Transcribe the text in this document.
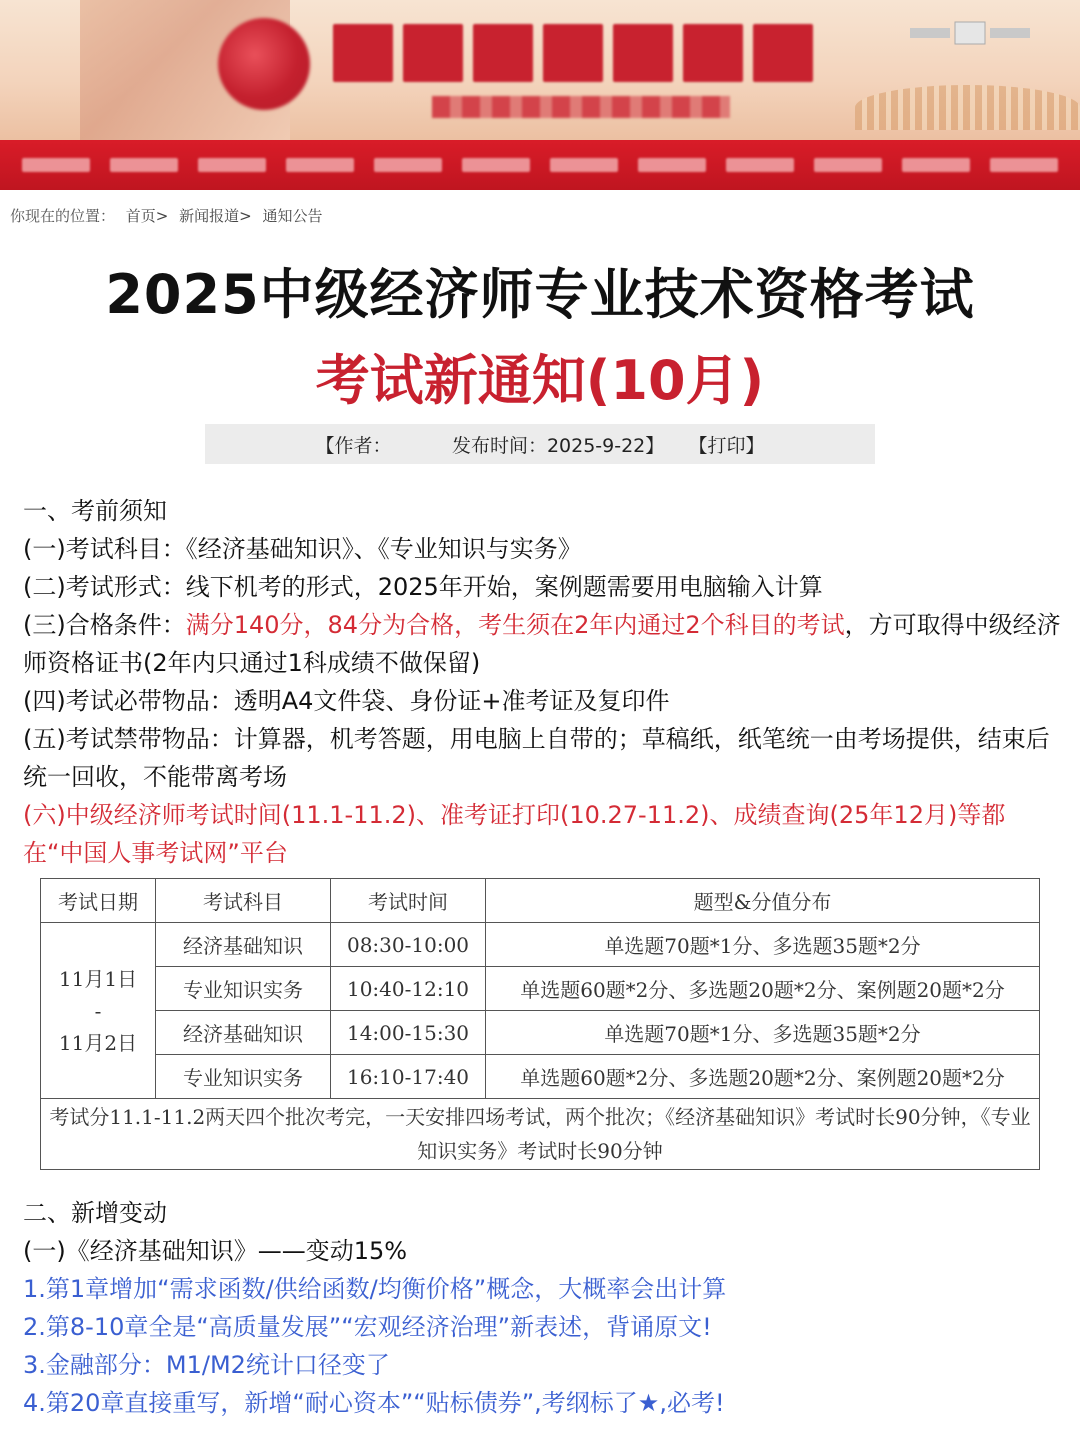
你现在的位置： 首页> 新闻报道> 通知公告
2025中级经济师专业技术资格考试
考试新通知(10月)
【作者：
	发布时间：2025-9-22】
【打印】
一、考前须知
(一)考试科目：《经济基础知识》、《专业知识与实务》
(二)考试形式：线下机考的形式，2025年开始，案例题需要用电脑输入计算
(三)合格条件：满分140分，84分为合格，考生须在2年内通过2个科目的考试，方可取得中级经济师资格证书(2年内只通过1科成绩不做保留)
(四)考试必带物品：透明A4文件袋、身份证+准考证及复印件
(五)考试禁带物品：计算器，机考答题，用电脑上自带的；草稿纸，纸笔统一由考场提供，结束后统一回收，不能带离考场
(六)中级经济师考试时间(11.1-11.2)、准考证打印(10.27-11.2)、成绩查询(25年12月)等都在“中国人事考试网”平台
考试日期	考试科目	考试时间	题型&分值分布

11月1日
-
11月2日	经济基础知识	08:30-10:00	单选题70题*1分、多选题35题*2分
	专业知识实务	10:40-12:10	单选题60题*2分、多选题20题*2分、案例题20题*2分
	经济基础知识	14:00-15:30	单选题70题*1分、多选题35题*2分
	专业知识实务	16:10-17:40	单选题60题*2分、多选题20题*2分、案例题20题*2分
考试分11.1-11.2两天四个批次考完，一天安排四场考试，两个批次；《经济基础知识》考试时长90分钟，《专业知识实务》考试时长90分钟			
二、新增变动
(一)《经济基础知识》——变动15%
1.第1章增加“需求函数/供给函数/均衡价格”概念，大概率会出计算
2.第8-10章全是“高质量发展”“宏观经济治理”新表述，背诵原文!
3.金融部分：M1/M2统计口径变了
4.第20章直接重写，新增“耐心资本”“贴标债券”,考纲标了★,必考!
